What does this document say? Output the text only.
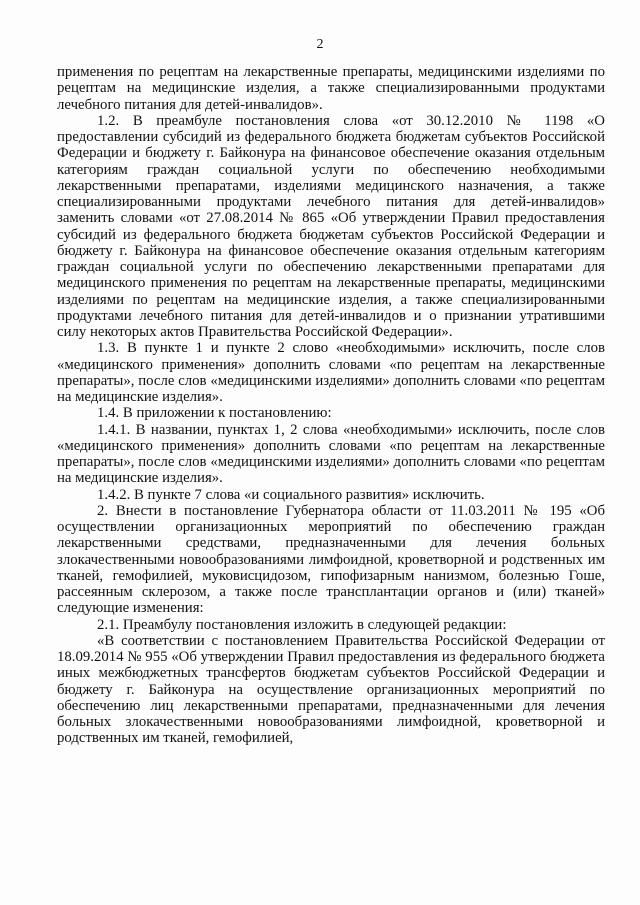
2

применения по рецептам на лекарственные препараты, медицинскими изделиями по рецептам на медицинские изделия, а также специализированными продуктами лечебного питания для детей-инвалидов».

1.2. В преамбуле постановления слова «от 30.12.2010 № 1198 «О предоставлении субсидий из федерального бюджета бюджетам субъектов Российской Федерации и бюджету г. Байконура на финансовое обеспечение оказания отдельным категориям граждан социальной услуги по обеспечению необходимыми лекарственными препаратами, изделиями медицинского назначения, а также специализированными продуктами лечебного питания для детей-инвалидов» заменить словами «от 27.08.2014 № 865 «Об утверждении Правил предоставления субсидий из федерального бюджета бюджетам субъектов Российской Федерации и бюджету г. Байконура на финансовое обеспечение оказания отдельным категориям граждан социальной услуги по обеспечению лекарственными препаратами для медицинского применения по рецептам на лекарственные препараты, медицинскими изделиями по рецептам на медицинские изделия, а также специализированными продуктами лечебного питания для детей-инвалидов и о признании утратившими силу некоторых актов Правительства Российской Федерации».

1.3. В пункте 1 и пункте 2 слово «необходимыми» исключить, после слов «медицинского применения» дополнить словами «по рецептам на лекарственные препараты», после слов «медицинскими изделиями» дополнить словами «по рецептам на медицинские изделия».

1.4. В приложении к постановлению:

1.4.1. В названии, пунктах 1, 2 слова «необходимыми» исключить, после слов «медицинского применения» дополнить словами «по рецептам на лекарственные препараты», после слов «медицинскими изделиями» дополнить словами «по рецептам на медицинские изделия».

1.4.2. В пункте 7 слова «и социального развития» исключить.

2. Внести в постановление Губернатора области от 11.03.2011 № 195 «Об осуществлении организационных мероприятий по обеспечению граждан лекарственными средствами, предназначенными для лечения больных злокачественными новообразованиями лимфоидной, кроветворной и родственных им тканей, гемофилией, муковисцидозом, гипофизарным нанизмом, болезнью Гоше, рассеянным склерозом, а также после трансплантации органов и (или) тканей» следующие изменения:

2.1. Преамбулу постановления изложить в следующей редакции:

«В соответствии с постановлением Правительства Российской Федерации от 18.09.2014 № 955 «Об утверждении Правил предоставления из федерального бюджета иных межбюджетных трансфертов бюджетам субъектов Российской Федерации и бюджету г. Байконура на осуществление организационных мероприятий по обеспечению лиц лекарственными препаратами, предназначенными для лечения больных злокачественными новообразованиями лимфоидной, кроветворной и родственных им тканей, гемофилией,
